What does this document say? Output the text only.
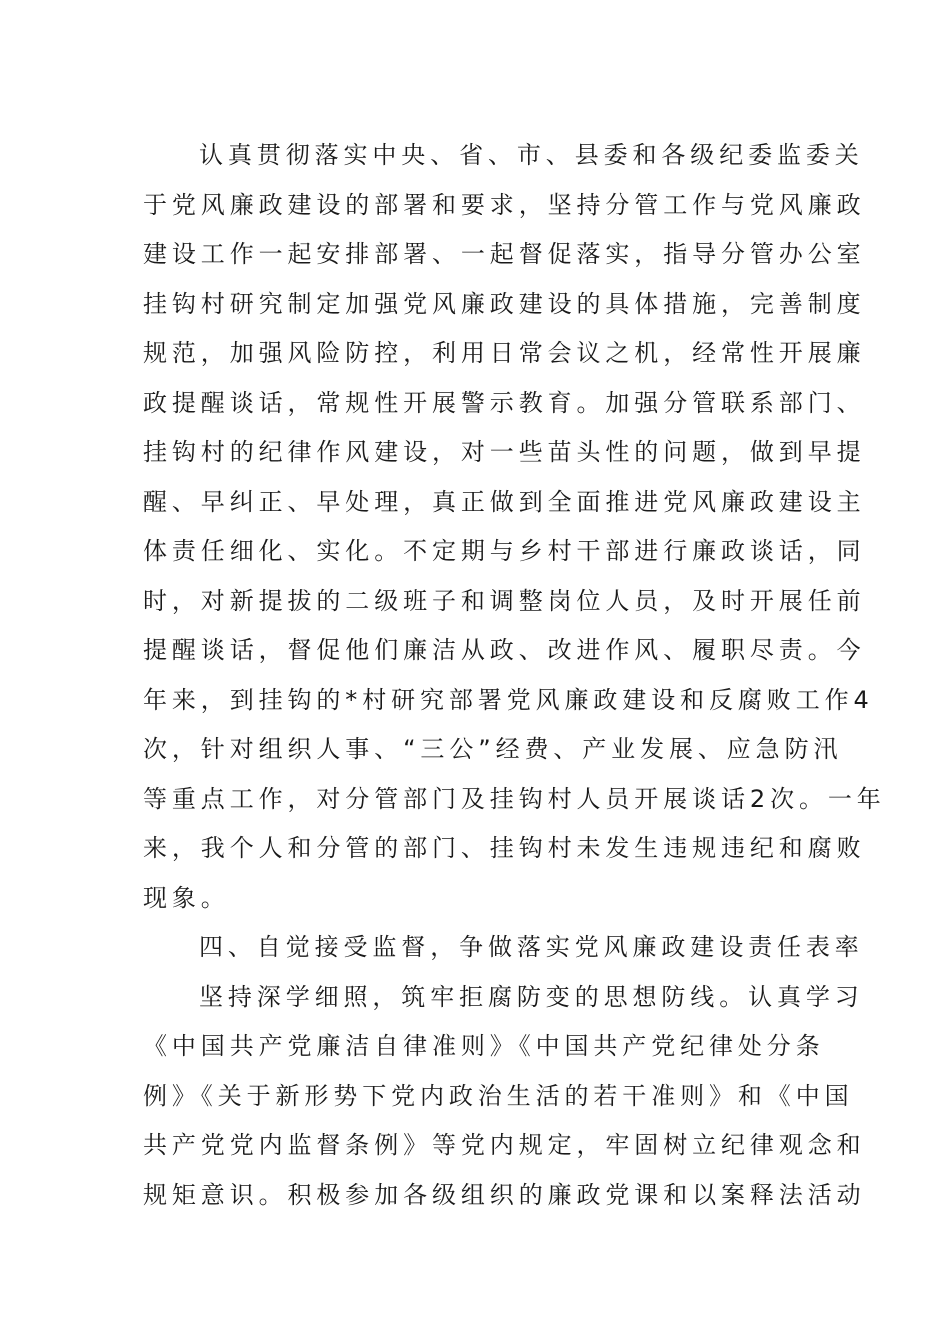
认真贯彻落实中央、省、市、县委和各级纪委监委关
于党风廉政建设的部署和要求，坚持分管工作与党风廉政
建设工作一起安排部署、一起督促落实，指导分管办公室
挂钩村研究制定加强党风廉政建设的具体措施，完善制度
规范，加强风险防控，利用日常会议之机，经常性开展廉
政提醒谈话，常规性开展警示教育。加强分管联系部门、
挂钩村的纪律作风建设，对一些苗头性的问题，做到早提
醒、早纠正、早处理，真正做到全面推进党风廉政建设主
体责任细化、实化。不定期与乡村干部进行廉政谈话，同
时，对新提拔的二级班子和调整岗位人员，及时开展任前
提醒谈话，督促他们廉洁从政、改进作风、履职尽责。今
年来，到挂钩的*村研究部署党风廉政建设和反腐败工作4
次，针对组织人事、“三公”经费、产业发展、应急防汛
等重点工作，对分管部门及挂钩村人员开展谈话2次。一年
来，我个人和分管的部门、挂钩村未发生违规违纪和腐败
现象。
四、自觉接受监督，争做落实党风廉政建设责任表率
坚持深学细照，筑牢拒腐防变的思想防线。认真学习
《中国共产党廉洁自律准则》《中国共产党纪律处分条
例》《关于新形势下党内政治生活的若干准则》和《中国
共产党党内监督条例》等党内规定，牢固树立纪律观念和
规矩意识。积极参加各级组织的廉政党课和以案释法活动
